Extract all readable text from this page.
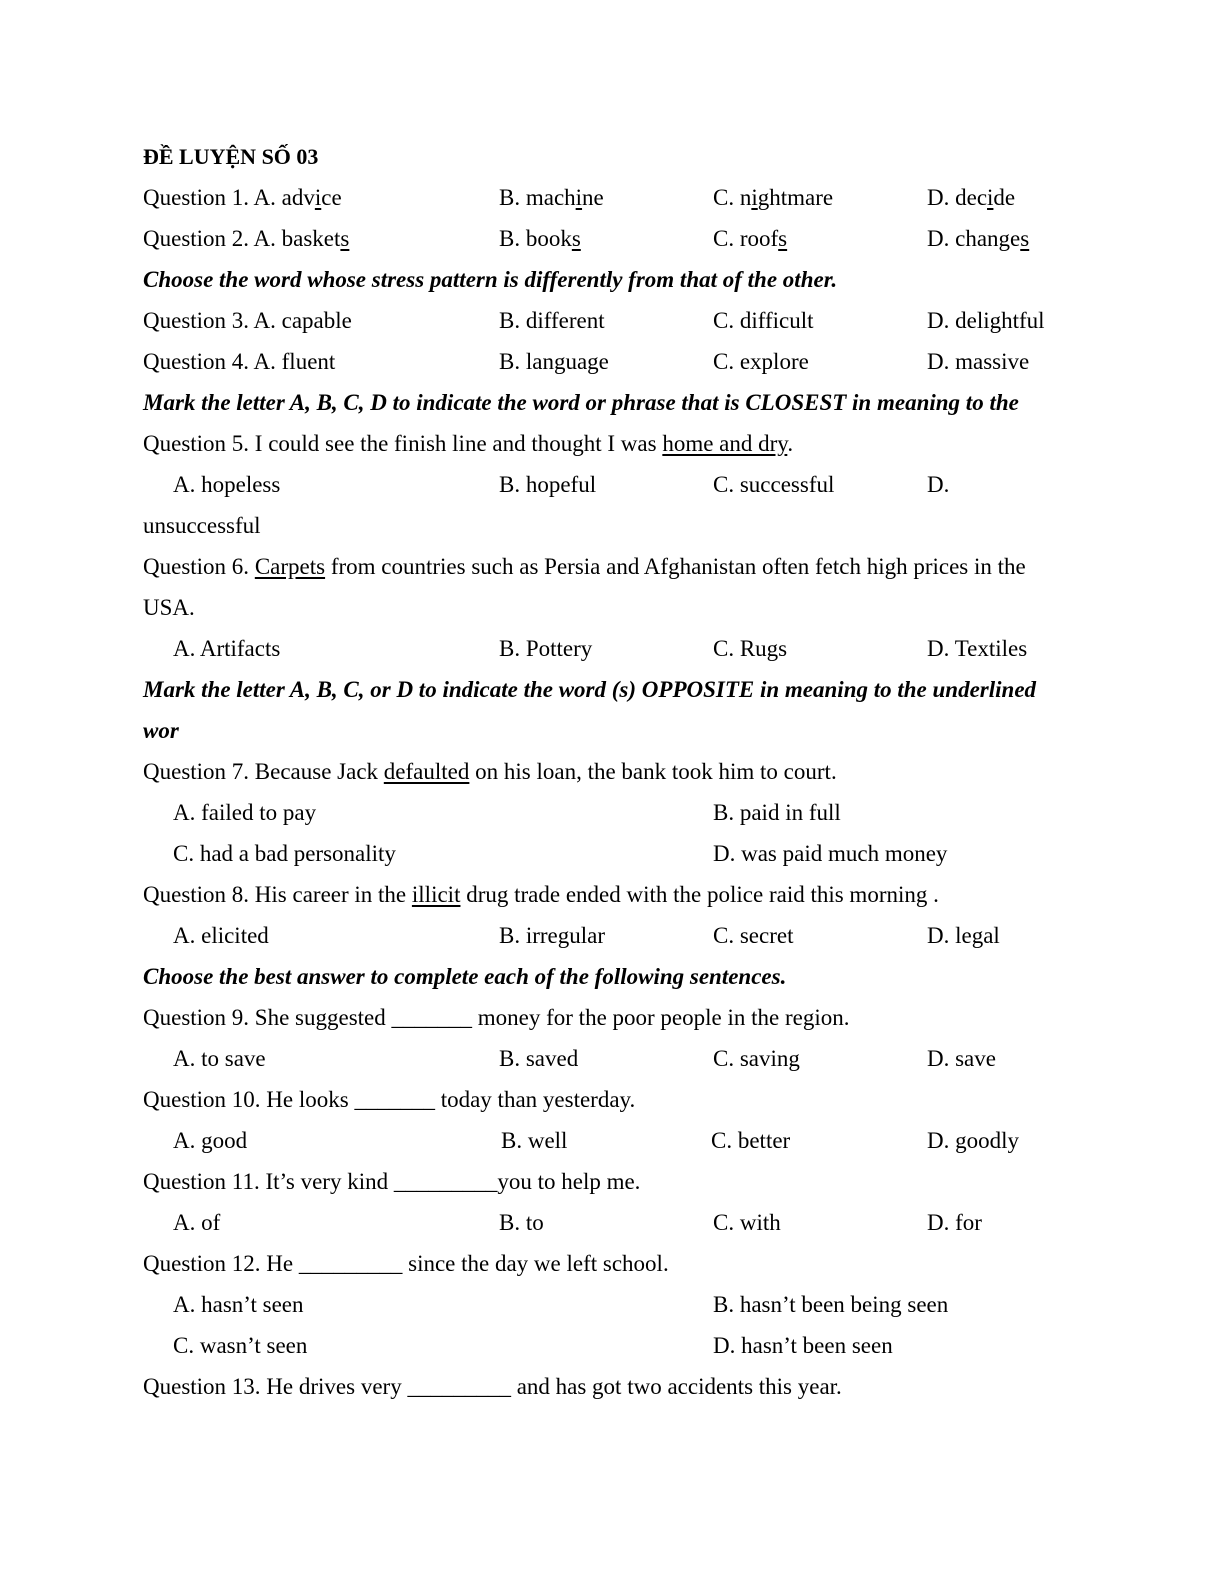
ĐỀ LUYỆN SỐ 03
Question 1. A. advice	B. machine	C. nightmare	D. decide
Question 2. A. baskets	B. books	C. roofs	D. changes
Choose the word whose stress pattern is differently from that of the other.
Question 3. A. capable	B. different	C. difficult	D. delightful
Question 4. A. fluent	B. language	C. explore	D. massive
Mark the letter A, B, C, D to indicate the word or phrase that is CLOSEST in meaning to the
Question 5. I could see the finish line and thought I was home and dry.
A. hopeless	B. hopeful	C. successful	D.
unsuccessful
Question 6. Carpets from countries such as Persia and Afghanistan often fetch high prices in the
USA.
A. Artifacts	B. Pottery	C. Rugs	D. Textiles
Mark the letter A, B, C, or D to indicate the word (s) OPPOSITE in meaning to the underlined
wor
Question 7. Because Jack defaulted on his loan, the bank took him to court.
A. failed to pay	B. paid in full
C. had a bad personality	D. was paid much money
Question 8. His career in the illicit drug trade ended with the police raid this morning .
A. elicited	B. irregular	C. secret	D. legal
Choose the best answer to complete each of the following sentences.
Question 9. She suggested _______ money for the poor people in the region.
A. to save	B. saved	C. saving	D. save
Question 10. He looks _______ today than yesterday.
A. good	B. well	C. better	D. goodly
Question 11. It’s very kind _________you to help me.
A. of	B. to	C. with	D. for
Question 12. He _________ since the day we left school.
A. hasn’t seen	B. hasn’t been being seen
C. wasn’t seen	D. hasn’t been seen
Question 13. He drives very _________ and has got two accidents this year.
